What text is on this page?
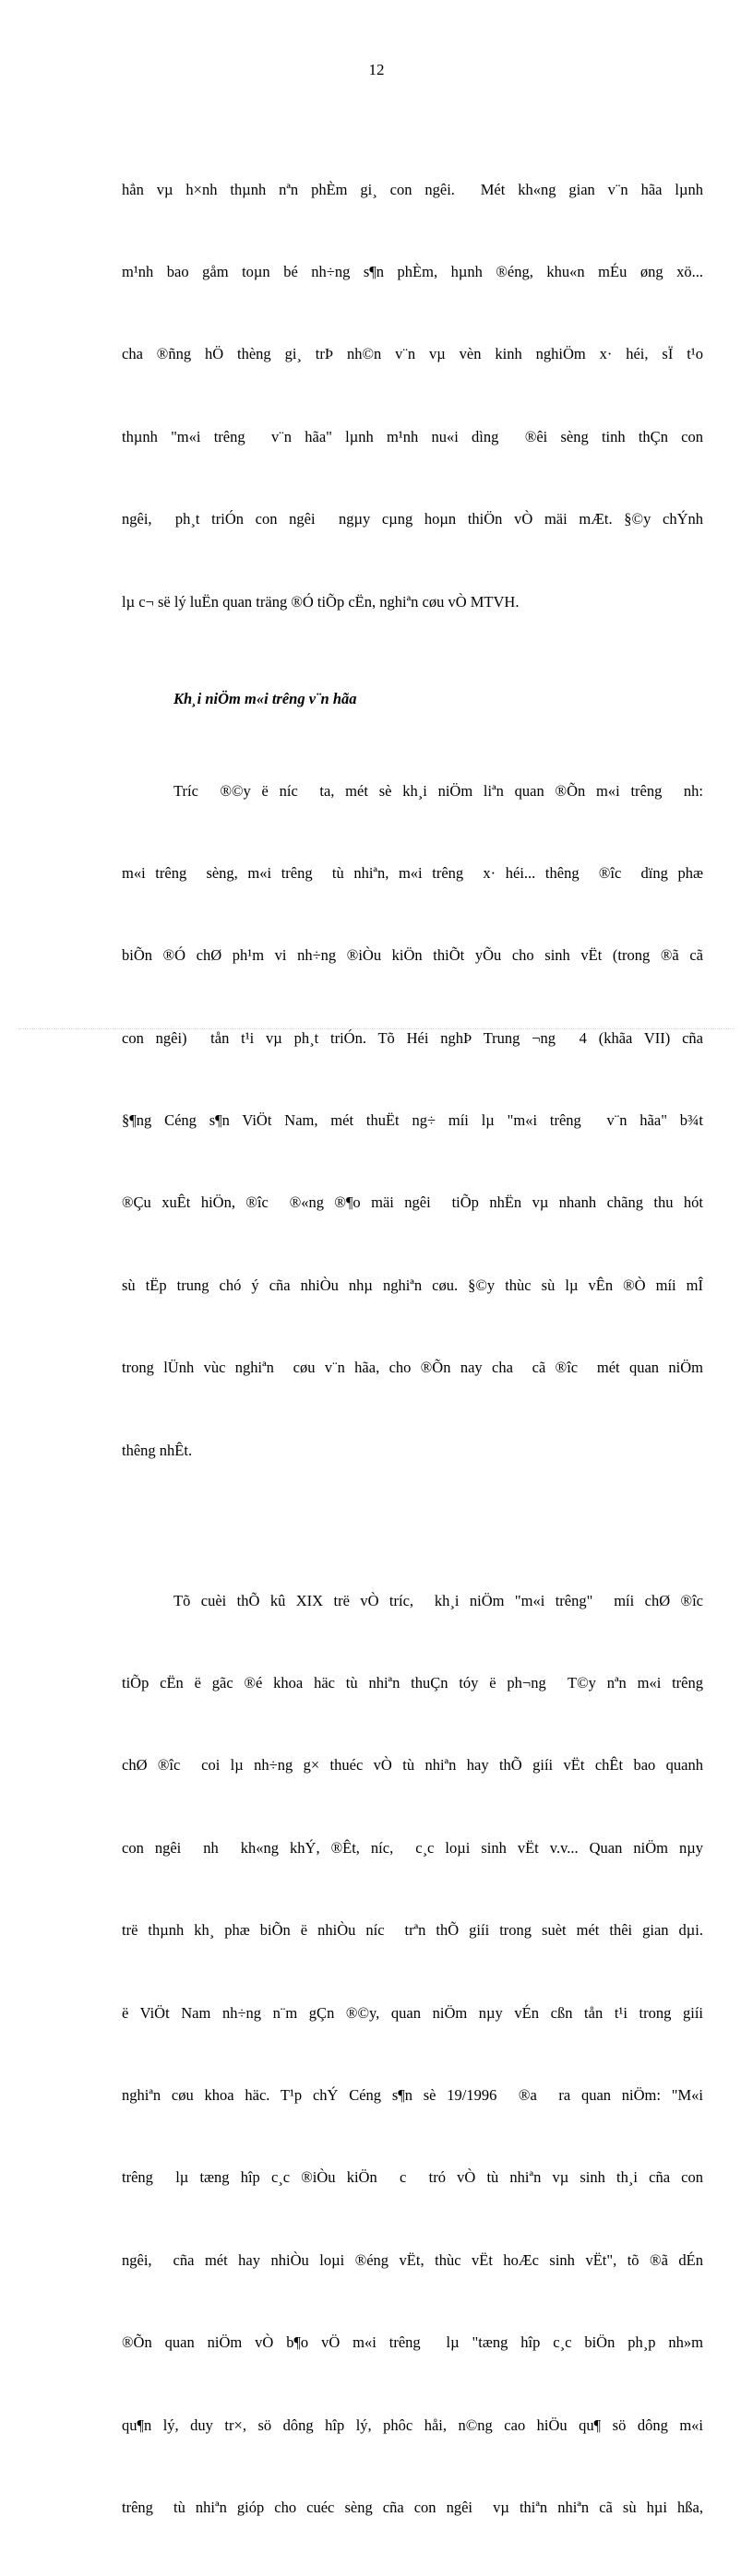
12

hẳn vµ h×nh thµnh nªn phÈm gi¸ con ngêi.  Mét kh«ng gian v¨n hãa lµnh

m¹nh bao gåm toµn bé nh÷ng s¶n phÈm, hµnh ®éng, khu«n mÉu øng xö...

cha ®ñng hÖ thèng gi¸ trÞ nh©n v¨n vµ vèn kinh nghiÖm x· héi, sÏ t¹o

thµnh "m«i trêng  v¨n hãa" lµnh m¹nh nu«i dìng  ®êi sèng tinh thÇn con

ngêi,  ph¸t triÓn con ngêi  ngµy cµng hoµn thiÖn vÒ mäi mÆt. §©y chÝnh

lµ c¬ së lý luËn quan träng ®Ó tiÕp cËn, nghiªn cøu vÒ MTVH.

Kh¸i niÖm m«i trêng v¨n hãa

Tríc  ®©y ë níc  ta, mét sè kh¸i niÖm liªn quan ®Õn m«i trêng  nh:

m«i trêng  sèng, m«i trêng  tù nhiªn, m«i trêng  x· héi... thêng  ®îc  dïng phæ

biÕn ®Ó chØ ph¹m vi nh÷ng ®iÒu kiÖn thiÕt yÕu cho sinh vËt (trong ®ã cã

con ngêi)  tån t¹i vµ ph¸t triÓn. Tõ Héi nghÞ Trung ¬ng  4 (khãa VII) cña

§¶ng Céng s¶n ViÖt Nam, mét thuËt ng÷ míi lµ "m«i trêng  v¨n hãa" b¾t

®Çu xuÊt hiÖn, ®îc  ®«ng ®¶o mäi ngêi  tiÕp nhËn vµ nhanh chãng thu hót

sù tËp trung chó ý cña nhiÒu nhµ nghiªn cøu. §©y thùc sù lµ vÊn ®Ò míi mÎ

trong lÜnh vùc nghiªn  cøu v¨n hãa, cho ®Õn nay cha  cã ®îc  mét quan niÖm

thêng nhÊt.

Tõ cuèi thÕ kû XIX trë vÒ tríc,  kh¸i niÖm "m«i trêng"  míi chØ ®îc

tiÕp cËn ë gãc ®é khoa häc tù nhiªn thuÇn tóy ë ph¬ng  T©y nªn m«i trêng

chØ ®îc  coi lµ nh÷ng g× thuéc vÒ tù nhiªn hay thÕ giíi vËt chÊt bao quanh

con ngêi  nh  kh«ng khÝ, ®Êt, níc,  c¸c loµi sinh vËt v.v... Quan niÖm nµy

trë thµnh kh¸ phæ biÕn ë nhiÒu níc  trªn thÕ giíi trong suèt mét thêi gian dµi.

ë ViÖt Nam nh÷ng n¨m gÇn ®©y, quan niÖm nµy vÉn cßn tån t¹i trong giíi

nghiªn cøu khoa häc. T¹p chÝ Céng s¶n sè 19/1996  ®a  ra quan niÖm: "M«i

trêng  lµ tæng hîp c¸c ®iÒu kiÖn  c  tró vÒ tù nhiªn vµ sinh th¸i cña con

ngêi,  cña mét hay nhiÒu loµi ®éng vËt, thùc vËt hoÆc sinh vËt", tõ ®ã dÉn

®Õn quan niÖm vÒ b¶o vÖ m«i trêng  lµ "tæng hîp c¸c biÖn ph¸p nh»m

qu¶n lý, duy tr×, sö dông hîp lý, phôc håi, n©ng cao hiÖu qu¶ sö dông m«i

trêng  tù nhiªn gióp cho cuéc sèng cña con ngêi  vµ thiªn nhiªn cã sù hµi hßa,
